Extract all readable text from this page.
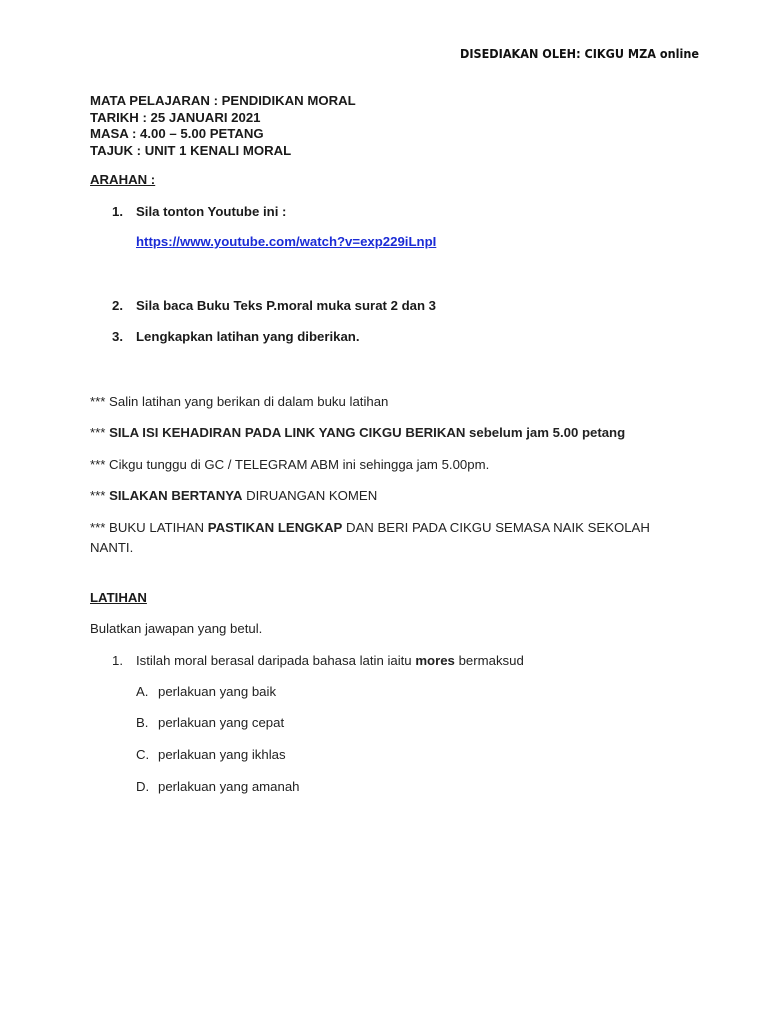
DISEDIAKAN OLEH: CIKGU MZA online
MATA PELAJARAN : PENDIDIKAN MORAL
TARIKH : 25 JANUARI 2021
MASA : 4.00 – 5.00 PETANG
TAJUK : UNIT 1 KENALI MORAL
ARAHAN :
1. Sila tonton Youtube ini :
https://www.youtube.com/watch?v=exp229iLnpI
2. Sila baca Buku Teks P.moral muka surat 2 dan 3
3. Lengkapkan latihan yang diberikan.
*** Salin latihan yang berikan di dalam buku latihan
*** SILA ISI KEHADIRAN PADA LINK YANG CIKGU BERIKAN sebelum jam 5.00 petang
*** Cikgu tunggu di GC / TELEGRAM ABM ini sehingga jam 5.00pm.
*** SILAKAN BERTANYA DIRUANGAN KOMEN
*** BUKU LATIHAN PASTIKAN LENGKAP DAN BERI PADA CIKGU SEMASA NAIK SEKOLAH NANTI.
LATIHAN
Bulatkan jawapan yang betul.
1. Istilah moral berasal daripada bahasa latin iaitu mores bermaksud
A. perlakuan yang baik
B. perlakuan yang cepat
C. perlakuan yang ikhlas
D. perlakuan yang amanah
